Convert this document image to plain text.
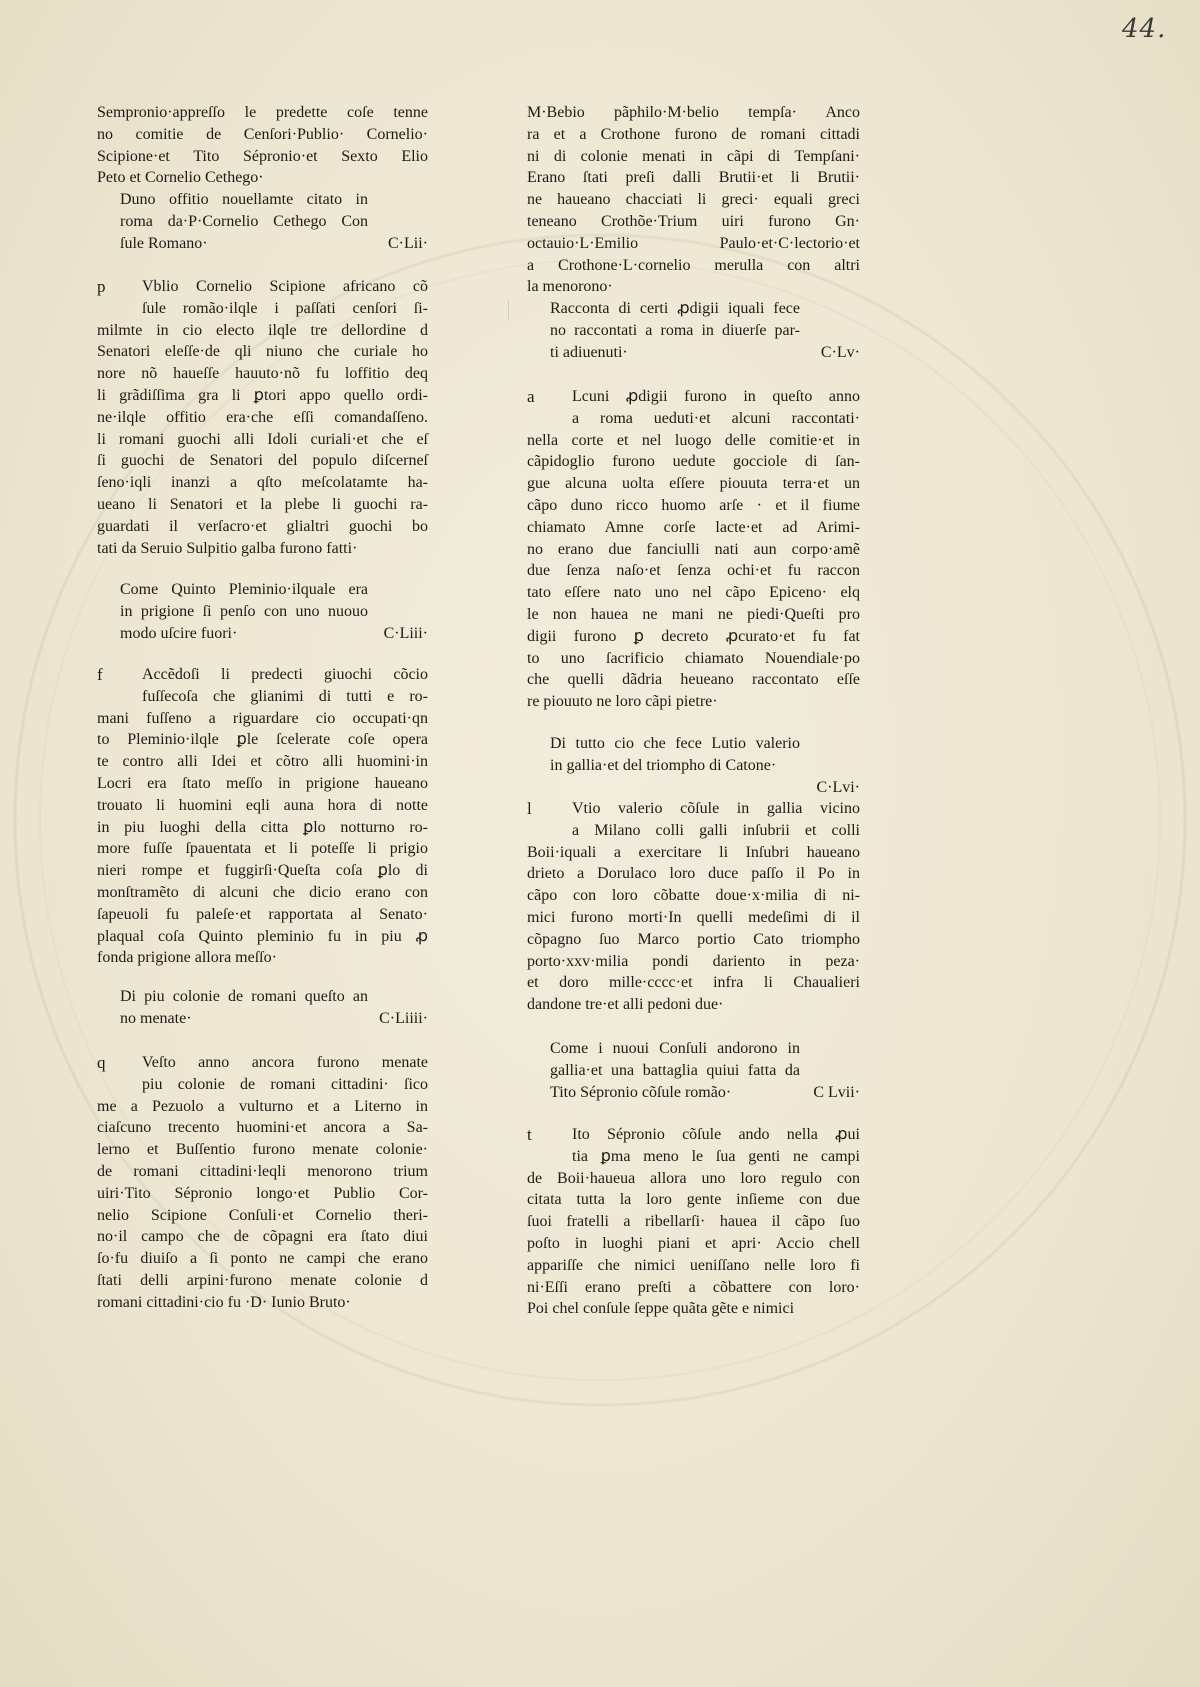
44.
Sempronio·appreſſo le predette coſe tenne
no comitie de Cenſori·Publio· Cornelio·
Scipione·et Tito Sépronio·et Sexto Elio
Peto et Cornelio Cethego·
Duno offitio nouellamte citato in
roma da·P·Cornelio Cethego Con
ſule Romano·	C·Lii·
p	Vblio Cornelio Scipione africano cõ
ſule romão·ilqle i paſſati cenſori ſi-
milmte in cio electo ilqle tre dellordine d
Senatori eleſſe·de qli niuno che curiale ho
nore nõ haueſſe hauuto·nõ fu loffitio deq
li grãdiſſima gra li ꝑtori appo quello ordi-
ne·ilqle offitio era·che eſſi comandaſſeno.
li romani guochi alli Idoli curiali·et che eſ
ſi guochi de Senatori del populo diſcerneſ
ſeno·iqli inanzi a qſto meſcolatamte ha-
ueano li Senatori et la plebe li guochi ra-
guardati il verſacro·et glialtri guochi bo
tati da Seruio Sulpitio galba furono fatti·
Come Quinto Pleminio·ilquale era
in prigione ſi penſo con uno nuouo
modo uſcire fuori·	C·Liii·
f	Accẽdoſi li predecti giuochi cõcio
fuſſecoſa che glianimi di tutti e ro-
mani fuſſeno a riguardare cio occupati·qn
to Pleminio·ilqle ꝑle ſcelerate coſe opera
te contro alli Idei et cõtro alli huomini·in
Locri era ſtato meſſo in prigione haueano
trouato li huomini eqli auna hora di notte
in piu luoghi della citta ꝑlo notturno ro-
more fuſſe ſpauentata et li poteſſe li prigio
nieri rompe et fuggirſi·Queſta coſa ꝑlo di
monſtramẽto di alcuni che dicio erano con
ſapeuoli fu paleſe·et rapportata al Senato·
plaqual coſa Quinto pleminio fu in piu ꝓ
fonda prigione allora meſſo·
Di piu colonie de romani queſto an
no menate·	C·Liiii·
q	Veſto anno ancora furono menate
piu colonie de romani cittadini· ſico
me a Pezuolo a vulturno et a Literno in
ciaſcuno trecento huomini·et ancora a Sa-
lerno et Buſſentio furono menate colonie·
de romani cittadini·leqli menorono trium
uiri·Tito Sépronio longo·et Publio Cor-
nelio Scipione Conſuli·et Cornelio theri-
no·il campo che de cõpagni era ſtato diui
ſo·fu diuiſo a ſi ponto ne campi che erano
ſtati delli arpini·furono menate colonie d
romani cittadini·cio fu ·D· Iunio Bruto·
M·Bebio pãphilo·M·belio tempſa· Anco
ra et a Crothone furono de romani cittadi
ni di colonie menati in cãpi di Tempſani·
Erano ſtati preſi dalli Brutii·et li Brutii·
ne haueano chacciati li greci· equali greci
teneano Crothõe·Trium uiri furono Gn·
octauio·L·Emilio Paulo·et·C·lectorio·et
a Crothone·L·cornelio merulla con altri
la menorono·
Racconta di certi ꝓdigii iquali fece
no raccontati a roma in diuerſe par-
ti adiuenuti·	C·Lv·
a	Lcuni ꝓdigii furono in queſto anno
a roma ueduti·et alcuni raccontati·
nella corte et nel luogo delle comitie·et in
cãpidoglio furono uedute gocciole di ſan-
gue alcuna uolta eſſere piouuta terra·et un
cãpo duno ricco huomo arſe · et il fiume
chiamato Amne corſe lacte·et ad Arimi-
no erano due fanciulli nati aun corpo·amẽ
due ſenza naſo·et ſenza ochi·et fu raccon
tato eſſere nato uno nel cãpo Epiceno· elq
le non hauea ne mani ne piedi·Queſti pro
digii furono ꝑ decreto ꝓcurato·et fu fat
to uno ſacrificio chiamato Nouendiale·po
che quelli dãdria heueano raccontato eſſe
re piouuto ne loro cãpi pietre·
Di tutto cio che fece Lutio valerio
in gallia·et del triompho di Catone·
C·Lvi·
l	Vtio valerio cõſule in gallia vicino
a Milano colli galli inſubrii et colli
Boii·iquali a exercitare li Inſubri haueano
drieto a Dorulaco loro duce paſſo il Po in
cãpo con loro cõbatte doue·x·milia di ni-
mici furono morti·In quelli medeſimi di il
cõpagno ſuo Marco portio Cato triompho
porto·xxv·milia pondi dariento in peza·
et doro mille·cccc·et infra li Chaualieri
dandone tre·et alli pedoni due·
Come i nuoui Conſuli andorono in
gallia·et una battaglia quiui fatta da
Tito Sépronio cõſule romão·	C Lvii·
t	Ito Sépronio cõſule ando nella ꝓui
tia ꝑma meno le ſua genti ne campi
de Boii·haueua allora uno loro regulo con
citata tutta la loro gente inſieme con due
ſuoi fratelli a ribellarſi· hauea il cãpo ſuo
poſto in luoghi piani et apri· Accio chell
appariſſe che nimici ueniſſano nelle loro fi
ni·Eſſi erano preſti a cõbattere con loro·
Poi chel conſule ſeppe quãta gẽte e nimici
